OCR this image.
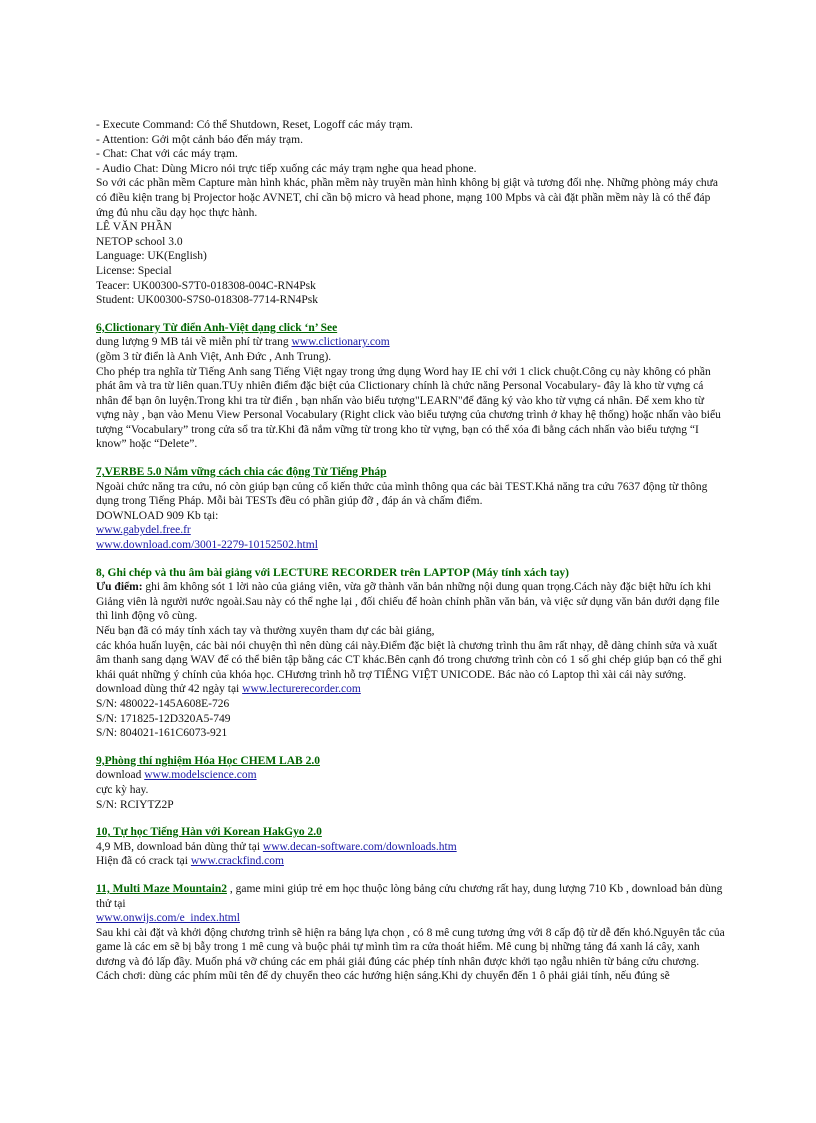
- Execute Command: Có thể Shutdown, Reset, Logoff các máy trạm.

- Attention: Gởi một cảnh báo đến máy trạm.

- Chat: Chat với các máy trạm.

- Audio Chat: Dùng Micro nói trực tiếp xuống các máy trạm nghe qua head phone.

So với các phần mềm Capture màn hình khác, phần mềm này truyền màn hình không bị giật và tương đối nhẹ. Những phòng máy chưa có điều kiện trang bị Projector hoặc AVNET, chỉ cần bộ micro và head phone, mạng 100 Mpbs và cài đặt phần mềm này là có thể đáp ứng đủ nhu cầu dạy học thực hành.

LÊ VĂN PHẦN

NETOP school 3.0

Language: UK(English)

License: Special

Teacer: UK00300-S7T0-018308-004C-RN4Psk

Student: UK00300-S7S0-018308-7714-RN4Psk

6,Clictionary Từ điển Anh-Việt dạng click ‘n’ See

dung lượng 9 MB tải về miễn phí từ trang www.clictionary.com

(gồm 3 từ điển là Anh Việt, Anh Đức , Anh Trung).

Cho phép tra nghĩa từ Tiếng Anh sang Tiếng Việt ngay trong ứng dụng Word hay IE chỉ với 1 click chuột.Công cụ này không có phần phát âm và tra từ liên quan.TUy nhiên điểm đặc biệt của Clictionary chính là chức năng Personal Vocabulary- đây là kho từ vựng cá nhân để bạn ôn luyện.Trong khi tra từ điển , bạn nhấn vào biểu tượng"LEARN"để đăng ký vào kho từ vựng cá nhân. Để xem kho từ vựng này , bạn vào Menu View Personal Vocabulary (Right click vào biểu tượng của chương trình ở khay hệ thống) hoặc nhấn vào biểu tượng “Vocabulary” trong cửa sổ tra từ.Khi đã nắm vững từ trong kho từ vựng, bạn có thể xóa đi bằng cách nhấn vào biểu tượng “I know” hoặc “Delete”.

7,VERBE 5.0 Nắm vững cách chia các động Từ Tiếng Pháp

Ngoài chức năng tra cứu, nó còn giúp bạn củng cố kiến thức của mình thông qua các bài TEST.Khả năng tra cứu 7637 động từ thông dụng trong Tiếng Pháp. Mỗi bài TESTs đều có phần giúp đỡ , đáp án và chấm điểm.

DOWNLOAD 909 Kb tại:

www.gabydel.free.fr

www.download.com/3001-2279-10152502.html

8, Ghi chép và thu âm bài giảng với LECTURE RECORDER trên LAPTOP (Máy tính xách tay)

Ưu điểm: ghi âm không sót 1 lời nào của giảng viên, vừa gỡ thành văn bản những nội dung quan trọng.Cách này đặc biệt hữu ích khi Giảng viên là người nước ngoài.Sau này có thể nghe lại , đối chiếu để hoàn chỉnh phần văn bản, và việc sử dụng văn bản dưới dạng file thì linh động vô cùng.

Nếu bạn đã có máy tính xách tay và thường xuyên tham dự các bài giảng,

các khóa huấn luyện, các bài nói chuyện thì nên dùng cái này.Điểm đặc biệt là chương trình thu âm rất nhạy, dễ dàng chỉnh sửa và xuất âm thanh sang dạng WAV để có thể biên tập bằng các CT khác.Bên cạnh đó trong chương trình còn có 1 số ghi chép giúp bạn có thể ghi khái quát những ý chính của khóa học. CHương trình hỗ trợ TIẾNG VIỆT UNICODE. Bác nào có Laptop thì xài cái này sướng.

download dùng thử 42 ngày tại www.lecturerecorder.com

S/N: 480022-145A608E-726

S/N: 171825-12D320A5-749

S/N: 804021-161C6073-921

9,Phòng thí nghiệm Hóa Học CHEM LAB 2.0

download www.modelscience.com

cực kỳ hay.

S/N: RCIYTZ2P

10, Tự học Tiếng Hàn với Korean HakGyo 2.0

4,9 MB, download bản dùng thử tại www.decan-software.com/downloads.htm

Hiện đã có crack tại www.crackfind.com

11, Multi Maze Mountain2 , game mini giúp trẻ em học thuộc lòng bảng cửu chương rất hay, dung lượng 710 Kb , download bản dùng thử tại

www.onwijs.com/e_index.html

Sau khi cài đặt và khởi động chương trình sẽ hiện ra bảng lựa chọn , có 8 mê cung tương ứng với 8 cấp độ từ dễ đến khó.Nguyên tắc của game là các em sẽ bị bẫy trong 1 mê cung và buộc phải tự mình tìm ra cửa thoát hiểm. Mê cung bị những tảng đá xanh lá cây, xanh dương và đỏ lấp đầy. Muốn phá vỡ chúng các em phải giải đúng các phép tính nhân được khởi tạo ngẫu nhiên từ bảng cửu chương.

Cách chơi: dùng các phím mũi tên để dy chuyển theo các hướng hiện sáng.Khi dy chuyển đến 1 ô phải giải tính, nếu đúng sẽ
